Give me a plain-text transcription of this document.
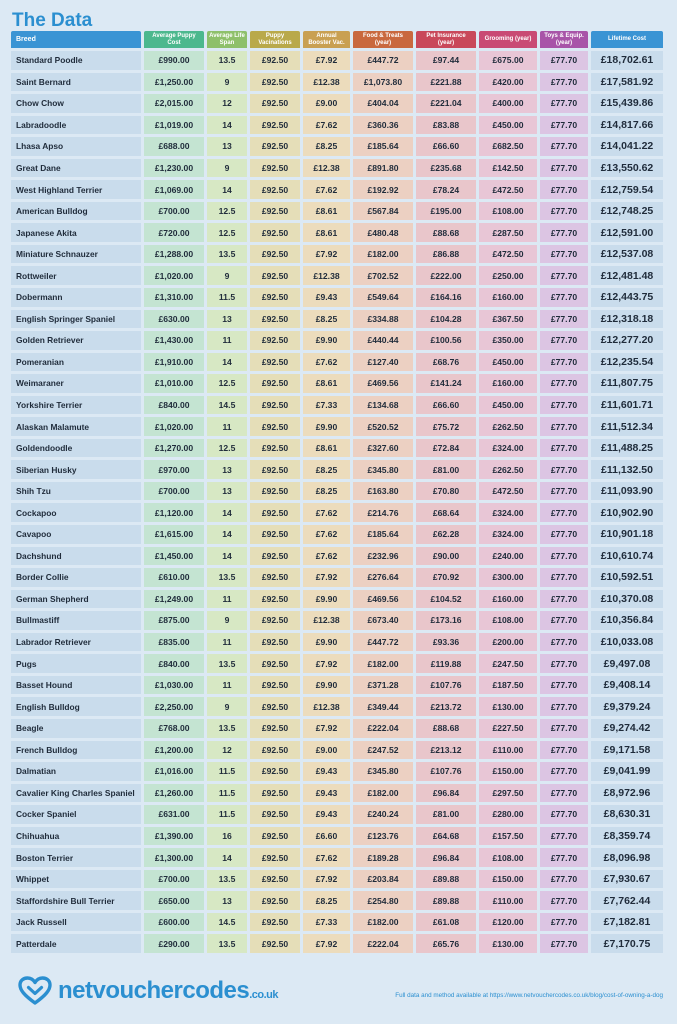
The Data
Breed	Average Puppy Cost	Average Life Span	Puppy Vacinations	Annual Booster Vac.	Food & Treats (year)	Pet Insurance (year)	Grooming (year)	Toys & Equip. (year)	Lifetime Cost
Standard Poodle	£990.00	13.5	£92.50	£7.92	£447.72	£97.44	£675.00	£77.70	£18,702.61
Saint Bernard	£1,250.00	9	£92.50	£12.38	£1,073.80	£221.88	£420.00	£77.70	£17,581.92
Chow Chow	£2,015.00	12	£92.50	£9.00	£404.04	£221.04	£400.00	£77.70	£15,439.86
Labradoodle	£1,019.00	14	£92.50	£7.62	£360.36	£83.88	£450.00	£77.70	£14,817.66
Lhasa Apso	£688.00	13	£92.50	£8.25	£185.64	£66.60	£682.50	£77.70	£14,041.22
Great Dane	£1,230.00	9	£92.50	£12.38	£891.80	£235.68	£142.50	£77.70	£13,550.62
West Highland Terrier	£1,069.00	14	£92.50	£7.62	£192.92	£78.24	£472.50	£77.70	£12,759.54
American Bulldog	£700.00	12.5	£92.50	£8.61	£567.84	£195.00	£108.00	£77.70	£12,748.25
Japanese Akita	£720.00	12.5	£92.50	£8.61	£480.48	£88.68	£287.50	£77.70	£12,591.00
Miniature Schnauzer	£1,288.00	13.5	£92.50	£7.92	£182.00	£86.88	£472.50	£77.70	£12,537.08
Rottweiler	£1,020.00	9	£92.50	£12.38	£702.52	£222.00	£250.00	£77.70	£12,481.48
Dobermann	£1,310.00	11.5	£92.50	£9.43	£549.64	£164.16	£160.00	£77.70	£12,443.75
English Springer Spaniel	£630.00	13	£92.50	£8.25	£334.88	£104.28	£367.50	£77.70	£12,318.18
Golden Retriever	£1,430.00	11	£92.50	£9.90	£440.44	£100.56	£350.00	£77.70	£12,277.20
Pomeranian	£1,910.00	14	£92.50	£7.62	£127.40	£68.76	£450.00	£77.70	£12,235.54
Weimaraner	£1,010.00	12.5	£92.50	£8.61	£469.56	£141.24	£160.00	£77.70	£11,807.75
Yorkshire Terrier	£840.00	14.5	£92.50	£7.33	£134.68	£66.60	£450.00	£77.70	£11,601.71
Alaskan Malamute	£1,020.00	11	£92.50	£9.90	£520.52	£75.72	£262.50	£77.70	£11,512.34
Goldendoodle	£1,270.00	12.5	£92.50	£8.61	£327.60	£72.84	£324.00	£77.70	£11,488.25
Siberian Husky	£970.00	13	£92.50	£8.25	£345.80	£81.00	£262.50	£77.70	£11,132.50
Shih Tzu	£700.00	13	£92.50	£8.25	£163.80	£70.80	£472.50	£77.70	£11,093.90
Cockapoo	£1,120.00	14	£92.50	£7.62	£214.76	£68.64	£324.00	£77.70	£10,902.90
Cavapoo	£1,615.00	14	£92.50	£7.62	£185.64	£62.28	£324.00	£77.70	£10,901.18
Dachshund	£1,450.00	14	£92.50	£7.62	£232.96	£90.00	£240.00	£77.70	£10,610.74
Border Collie	£610.00	13.5	£92.50	£7.92	£276.64	£70.92	£300.00	£77.70	£10,592.51
German Shepherd	£1,249.00	11	£92.50	£9.90	£469.56	£104.52	£160.00	£77.70	£10,370.08
Bullmastiff	£875.00	9	£92.50	£12.38	£673.40	£173.16	£108.00	£77.70	£10,356.84
Labrador Retriever	£835.00	11	£92.50	£9.90	£447.72	£93.36	£200.00	£77.70	£10,033.08
Pugs	£840.00	13.5	£92.50	£7.92	£182.00	£119.88	£247.50	£77.70	£9,497.08
Basset Hound	£1,030.00	11	£92.50	£9.90	£371.28	£107.76	£187.50	£77.70	£9,408.14
English Bulldog	£2,250.00	9	£92.50	£12.38	£349.44	£213.72	£130.00	£77.70	£9,379.24
Beagle	£768.00	13.5	£92.50	£7.92	£222.04	£88.68	£227.50	£77.70	£9,274.42
French Bulldog	£1,200.00	12	£92.50	£9.00	£247.52	£213.12	£110.00	£77.70	£9,171.58
Dalmatian	£1,016.00	11.5	£92.50	£9.43	£345.80	£107.76	£150.00	£77.70	£9,041.99
Cavalier King Charles Spaniel	£1,260.00	11.5	£92.50	£9.43	£182.00	£96.84	£297.50	£77.70	£8,972.96
Cocker Spaniel	£631.00	11.5	£92.50	£9.43	£240.24	£81.00	£280.00	£77.70	£8,630.31
Chihuahua	£1,390.00	16	£92.50	£6.60	£123.76	£64.68	£157.50	£77.70	£8,359.74
Boston Terrier	£1,300.00	14	£92.50	£7.62	£189.28	£96.84	£108.00	£77.70	£8,096.98
Whippet	£700.00	13.5	£92.50	£7.92	£203.84	£89.88	£150.00	£77.70	£7,930.67
Staffordshire Bull Terrier	£650.00	13	£92.50	£8.25	£254.80	£89.88	£110.00	£77.70	£7,762.44
Jack Russell	£600.00	14.5	£92.50	£7.33	£182.00	£61.08	£120.00	£77.70	£7,182.81
Patterdale	£290.00	13.5	£92.50	£7.92	£222.04	£65.76	£130.00	£77.70	£7,170.75
netvouchercodes.co.uk	Full data and method available at https://www.netvouchercodes.co.uk/blog/cost-of-owning-a-dog
